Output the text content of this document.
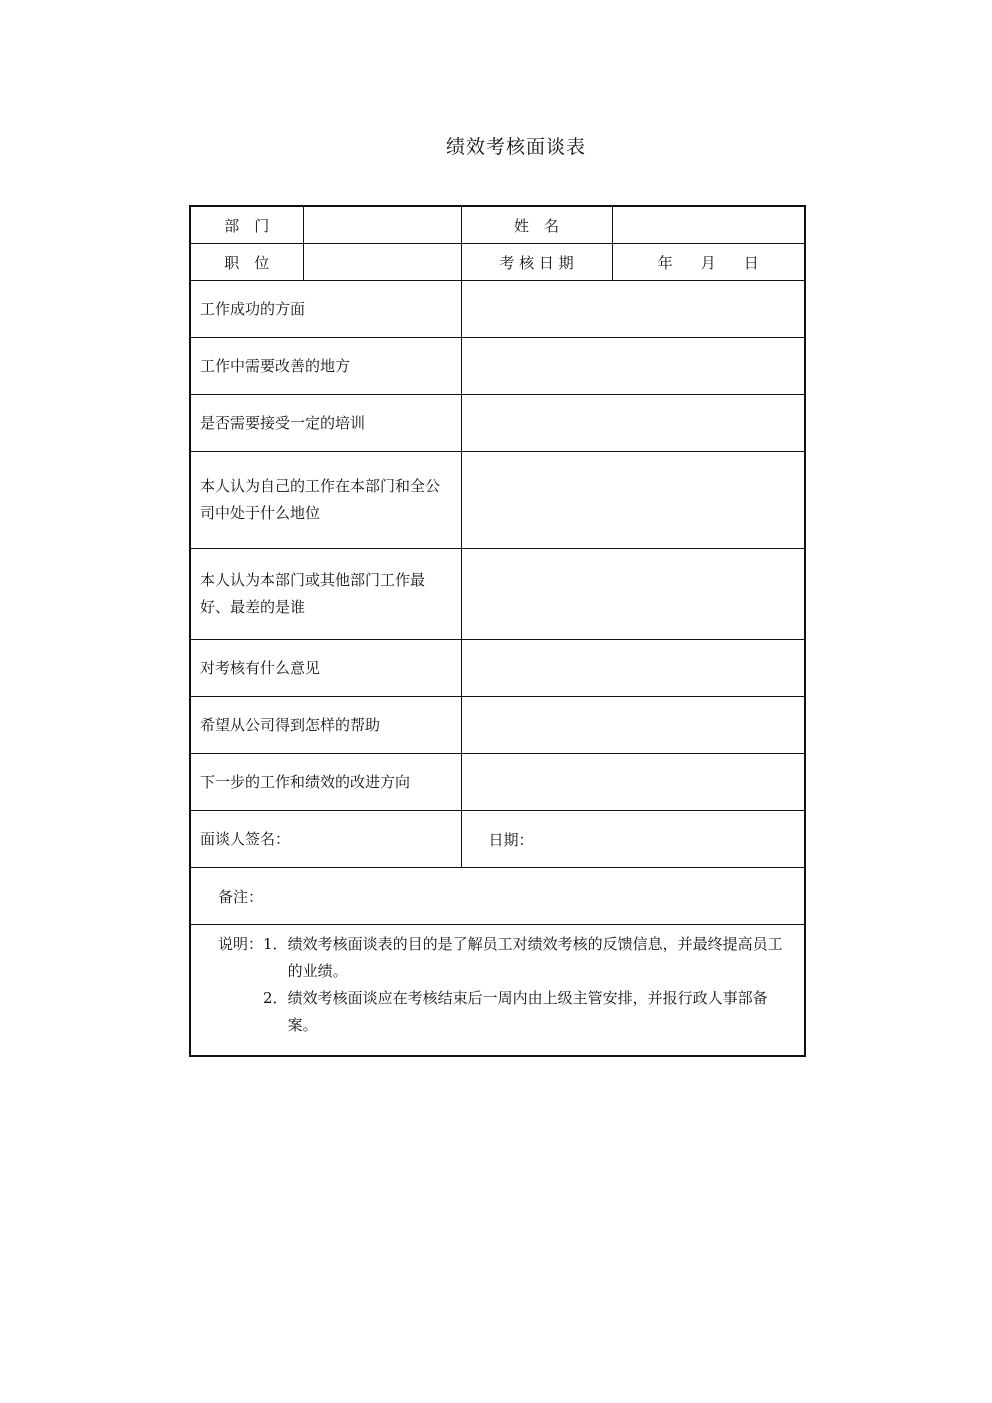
绩效考核面谈表
部　门		姓　名	
职　位		考 核 日 期	年 月 日
工作成功的方面			
工作中需要改善的地方			
是否需要接受一定的培训			
本人认为自己的工作在本部门和全公司中处于什么地位			
本人认为本部门或其他部门工作最好、最差的是谁			
对考核有什么意见			
希望从公司得到怎样的帮助			
下一步的工作和绩效的改进方向			
面谈人签名：		日期：	
备注：			

说明： 1． 绩效考核面谈表的目的是了解员工对绩效考核的反馈信息，并最终提高员工的业绩。
2． 绩效考核面谈应在考核结束后一周内由上级主管安排，并报行政人事部备案。			
